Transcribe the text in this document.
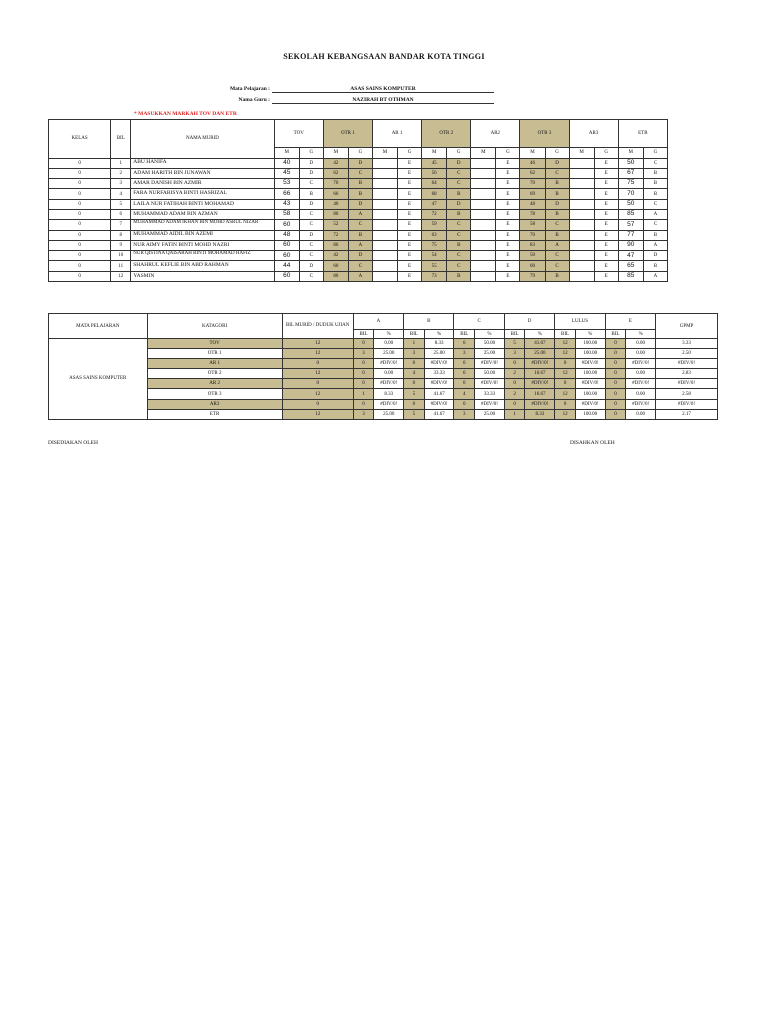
SEKOLAH KEBANGSAAN BANDAR KOTA TINGGI
Mata Pelajaran :	ASAS SAINS KOMPUTER
Nama Guru :	NAZIRAH BT OTHMAN
* MASUKKAN MARKAH TOV DAN ETR
KELAS	BIL	NAMA MURID	TOV		OTR 1		AR 1		OTR 2		AR2		OTR 3		AR3		ETR	
			M	G	M	G	M	G	M	G	M	G	M	G	M	G	M	G
0	1	ABU HANIFA	40	D	42	D		E	45	D		E	46	D		E	50	C
0	2	ADAM HARITH BIN JUNAWAN	45	D	62	C		E	56	C		E	62	C		E	67	B
0	3	AMAR DANISH BIN AZMIR	53	C	70	B		E	64	C		E	70	B		E	75	B
0	4	FARA NURFARISYA BINTI HASRIZAL	66	B	66	B		E	68	B		E	69	B		E	70	B
0	5	LAILA NUR FATIHAH BINTI MOHAMAD	43	D	46	D		E	47	D		E	48	D		E	50	C
0	6	MUHAMMAD ADAM BIN AZMAN	58	C	80	A		E	72	B		E	78	B		E	85	A
0	7	MUHAMMAD ADAM IKHAN BIN MOHD ASRUL NIZAR	60	C	52	C		E	59	C		E	58	C		E	57	C
0	8	MUHAMMAD AIDIL BIN AZEMI	48	D	72	B		E	63	C		E	70	B		E	77	B
0	9	NUR AIMY FATIN BINTI MOHD NAZRI	60	C	86	A		E	75	B		E	83	A		E	90	A
0	10	NUR QISTINA QAISARAH BINTI MOHAMAD HAFIZ	60	C	42	D		E	54	C		E	50	C		E	47	D
0	11	SHAHRUL KEFLIE BIN ABD RAHMAN	44	D	60	C		E	55	C		E	60	C		E	65	B
0	12	YASMIN	60	C	80	A		E	73	B		E	79	B		E	85	A
MATA PELAJARAN	KATAGORI	BIL MURID / DUDUK UJIAN	A		B		C		D		LULUS		E		GPMP
			BIL	%	BIL	%	BIL	%	BIL	%	BIL	%	BIL	%	
ASAS SAINS KOMPUTER	TOV	12	0	0.00	1	8.33	6	50.00	5	41.67	12	100.00	0	0.00	3.33
	OTR 1	12	3	25.00	3	25.00	3	25.00	3	25.00	12	100.00	0	0.00	2.50
	AR 1	0	0	#DIV/0!	0	#DIV/0!	0	#DIV/0!	0	#DIV/0!	0	#DIV/0!	0	#DIV/0!	#DIV/0!
	OTR 2	12	0	0.00	4	33.33	6	50.00	2	16.67	12	100.00	0	0.00	2.83
	AR 2	0	0	#DIV/0!	0	#DIV/0!	0	#DIV/0!	0	#DIV/0!	0	#DIV/0!	0	#DIV/0!	#DIV/0!
	OTR 3	12	1	8.33	5	41.67	4	33.33	2	16.67	12	100.00	0	0.00	2.58
	AR3	0	0	#DIV/0!	0	#DIV/0!	0	#DIV/0!	0	#DIV/0!	0	#DIV/0!	0	#DIV/0!	#DIV/0!
	ETR	12	3	25.00	5	41.67	3	25.00	1	8.33	12	100.00	0	0.00	2.17
DISEDIAKAN OLEH	DISAHKAN OLEH
